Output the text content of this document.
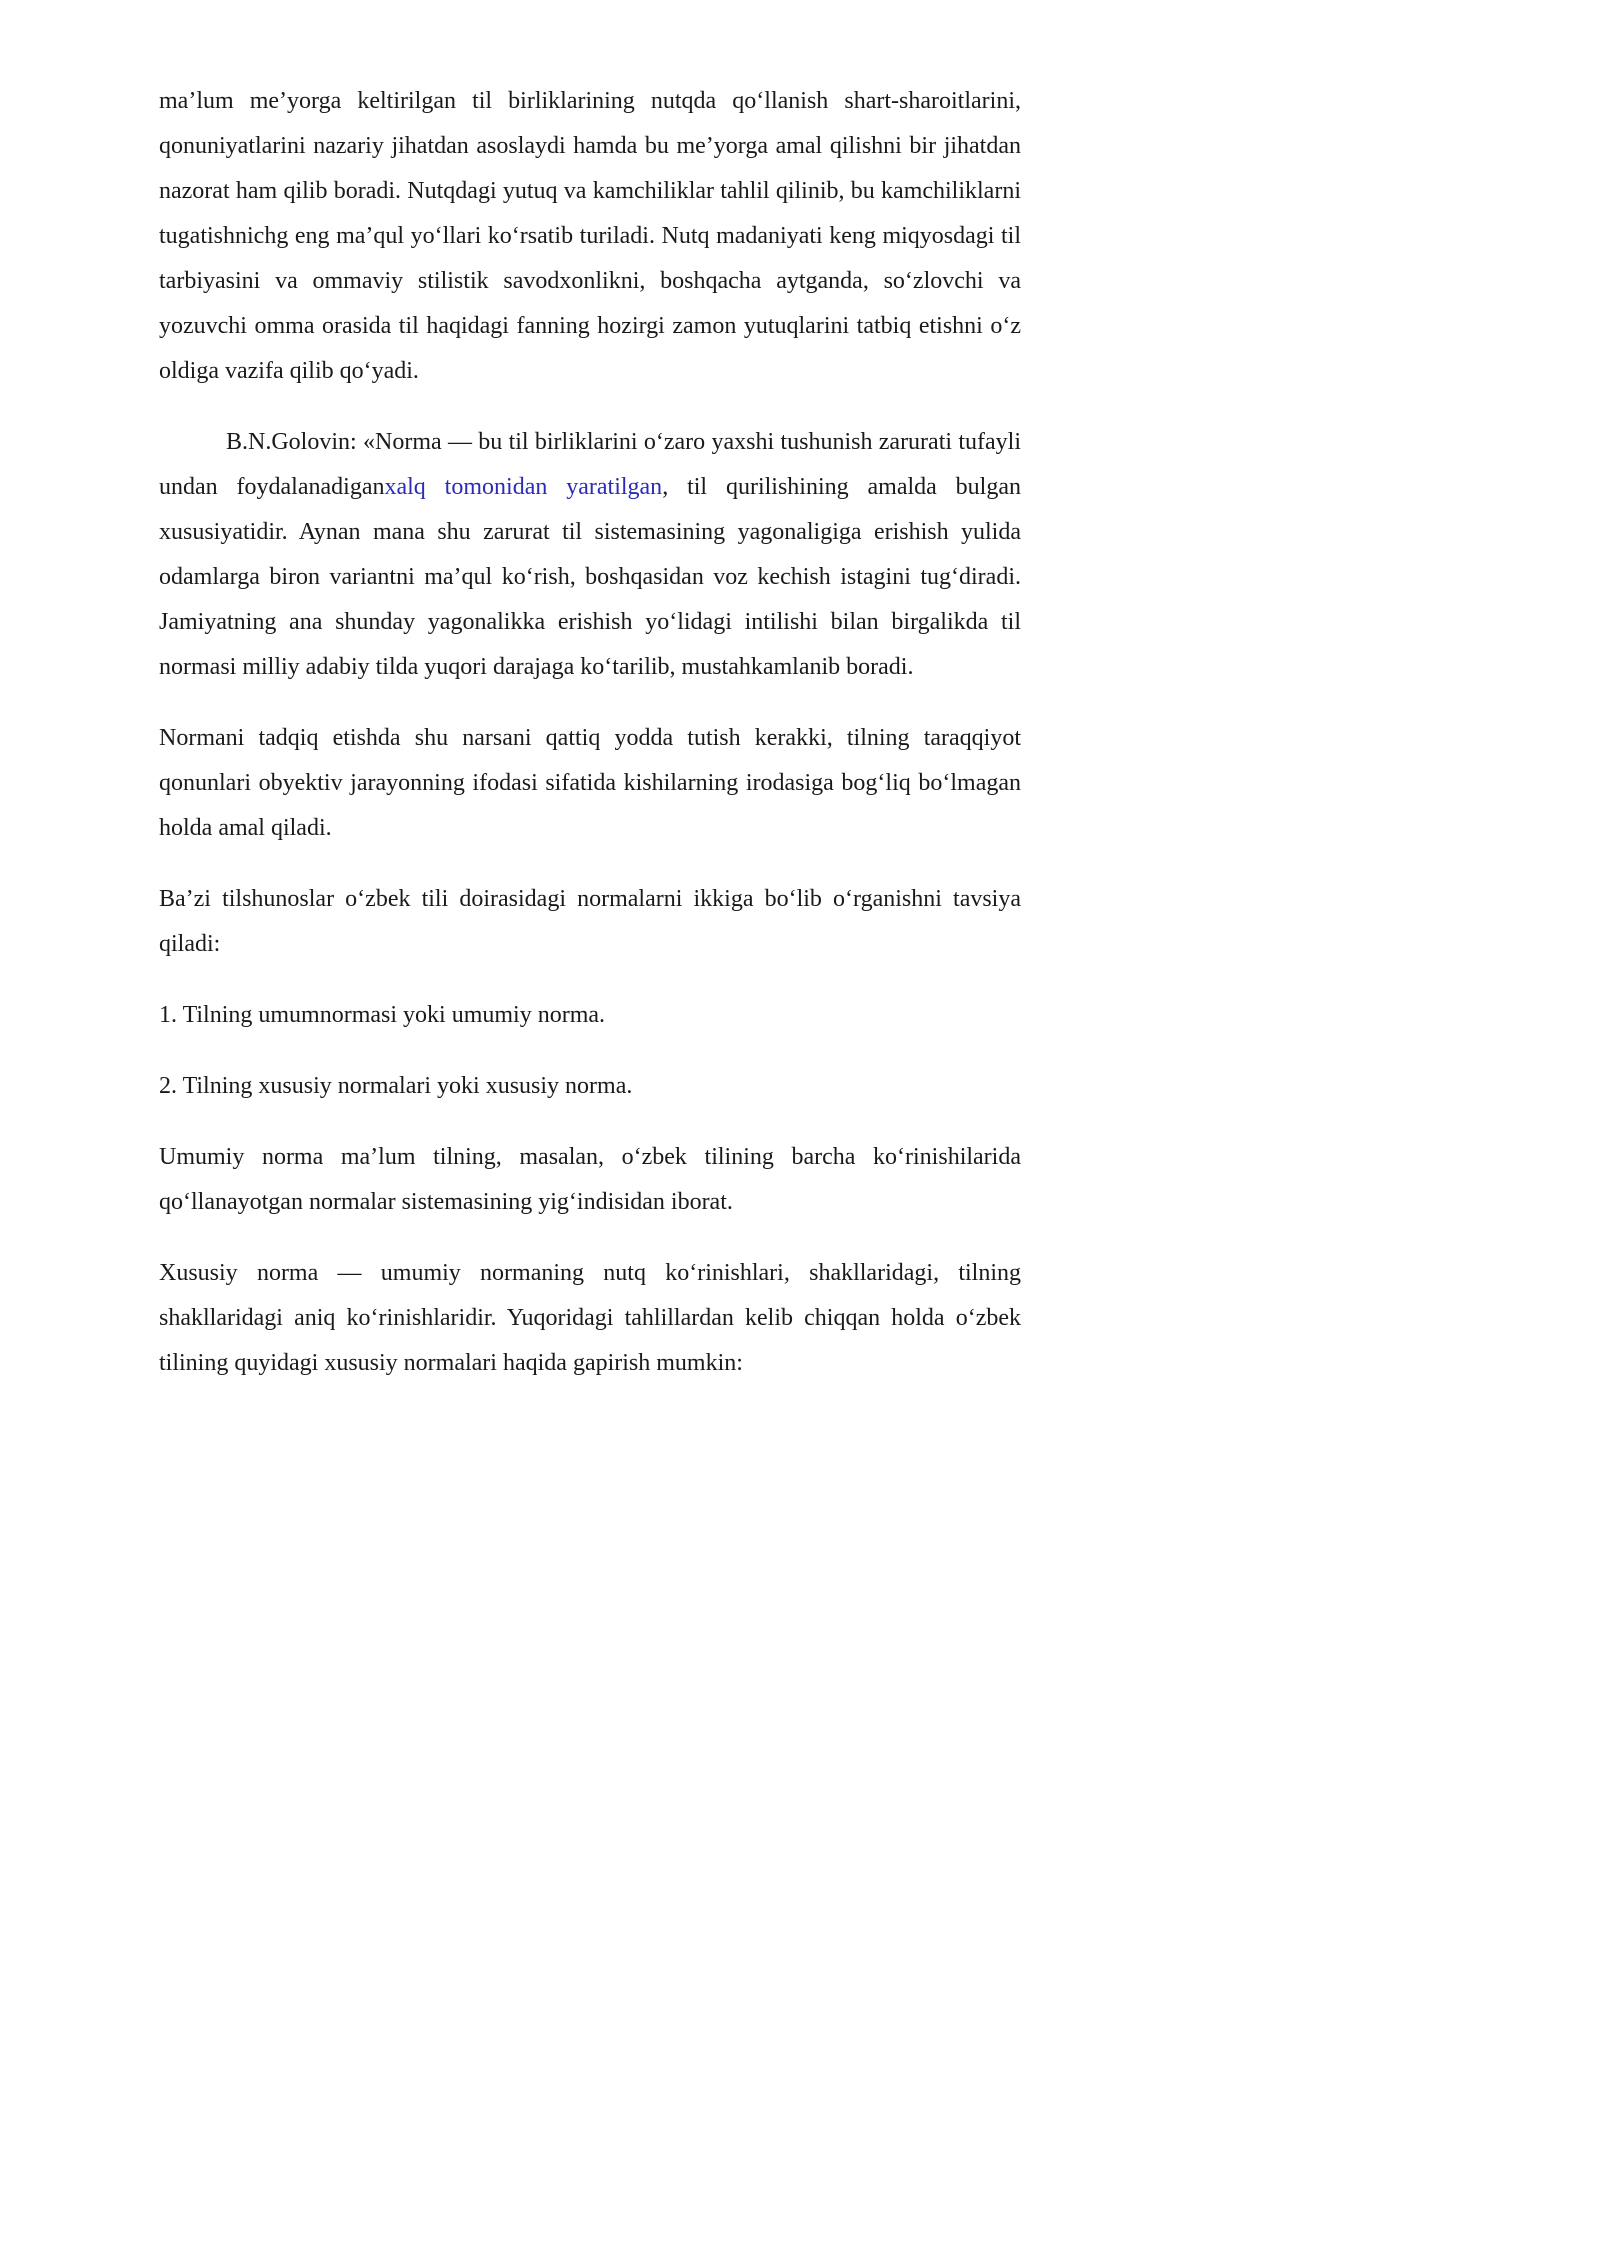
ma’lum me’yorga keltirilgan til birliklarining nutqda qo‘llanish shart-sharoitlarini, qonuniyatlarini nazariy jihatdan asoslaydi hamda bu me’yorga amal qilishni bir jihatdan nazorat ham qilib boradi. Nutqdagi yutuq va kamchiliklar tahlil qilinib, bu kamchiliklarni tugatishnichg eng ma’qul yo‘llari ko‘rsatib turiladi. Nutq madaniyati keng miqyosdagi til tarbiyasini va ommaviy stilistik savodxonlikni, boshqacha aytganda, so‘zlovchi va yozuvchi omma orasida til haqidagi fanning hozirgi zamon yutuqlarini tatbiq etishni o‘z oldiga vazifa qilib qo‘yadi.

B.N.Golovin: «Norma — bu til birliklarini o‘zaro yaxshi tushunish zarurati tufayli undan foydalanadiganxalq tomonidan yaratilgan, til qurilishining amalda bulgan xususiyatidir. Aynan mana shu zarurat til sistemasining yagonaligiga erishish yulida odamlarga biron variantni ma’qul ko‘rish, boshqasidan voz kechish istagini tug‘diradi. Jamiyatning ana shunday yagonalikka erishish yo‘lidagi intilishi bilan birgalikda til normasi milliy adabiy tilda yuqori darajaga ko‘tarilib, mustahkamlanib boradi.

Normani tadqiq etishda shu narsani qattiq yodda tutish kerakki, tilning taraqqiyot qonunlari obyektiv jarayonning ifodasi sifatida kishilarning irodasiga bog‘liq bo‘lmagan holda amal qiladi.

Ba’zi tilshunoslar o‘zbek tili doirasidagi normalarni ikkiga bo‘lib o‘rganishni tavsiya qiladi:

1. Tilning umumnormasi yoki umumiy norma.

2. Tilning xususiy normalari yoki xususiy norma.

Umumiy norma ma’lum tilning, masalan, o‘zbek tilining barcha ko‘rinishilarida qo‘llanayotgan normalar sistemasining yig‘indisidan iborat.

Xususiy norma — umumiy normaning nutq ko‘rinishlari, shakllaridagi, tilning shakllaridagi aniq ko‘rinishlaridir. Yuqoridagi tahlillardan kelib chiqqan holda o‘zbek tilining quyidagi xususiy normalari haqida gapirish mumkin:
